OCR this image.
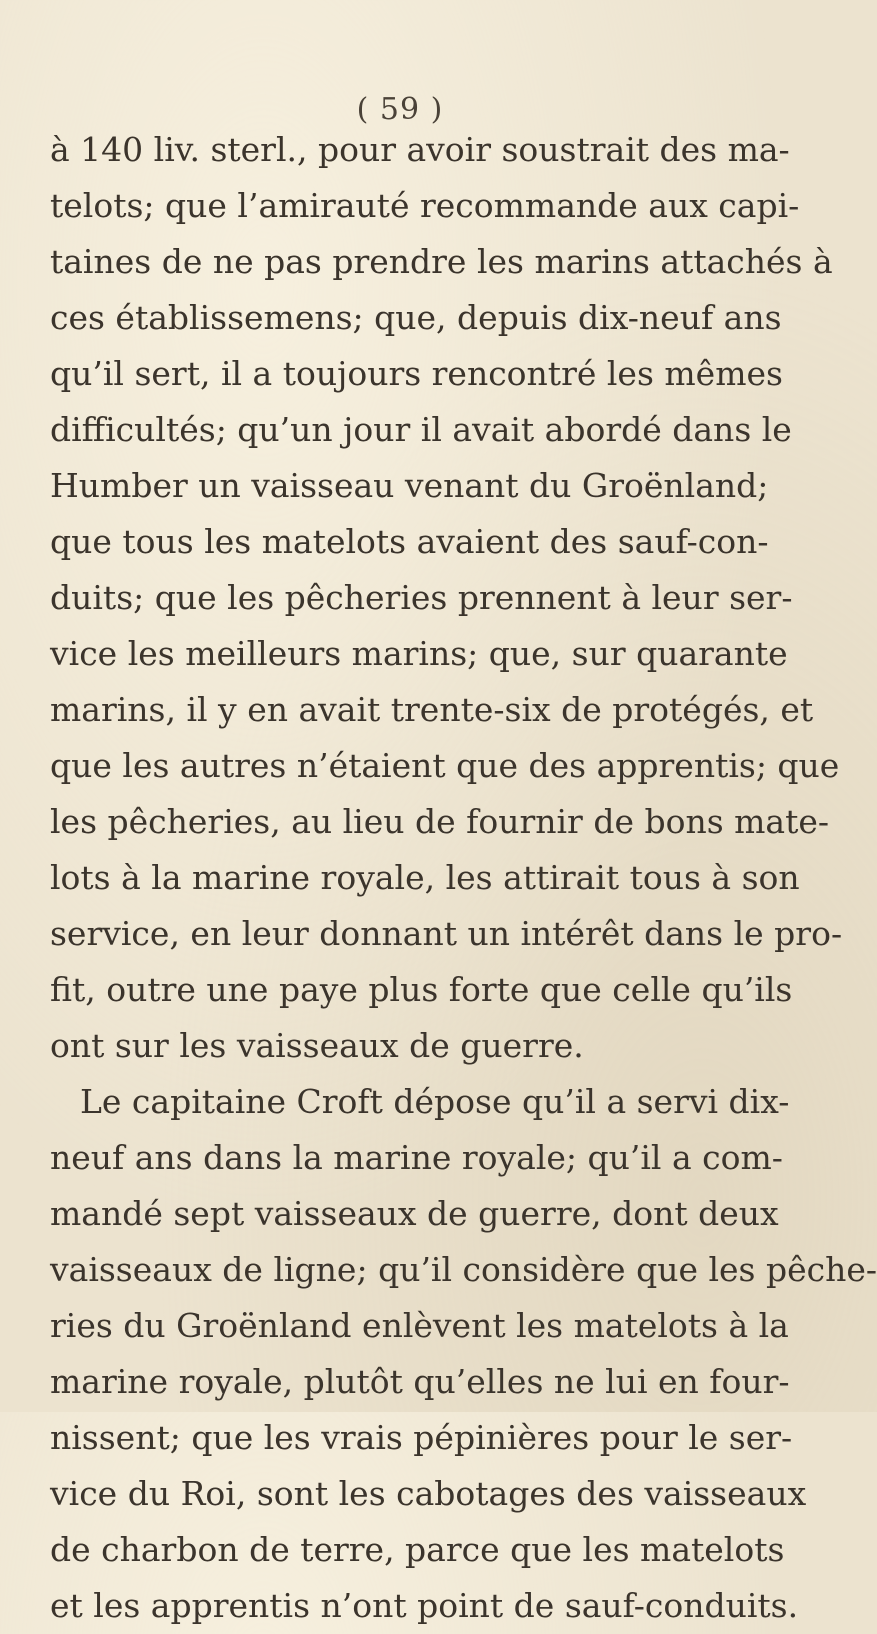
( 59 )
à 140 liv. sterl., pour avoir soustrait des ma-
telots; que l’amirauté recommande aux capi-
taines de ne pas prendre les marins attachés à
ces établissemens; que, depuis dix-neuf ans
qu’il sert, il a toujours rencontré les mêmes
difficultés; qu’un jour il avait abordé dans le
Humber un vaisseau venant du Groënland;
que tous les matelots avaient des sauf-con-
duits; que les pêcheries prennent à leur ser-
vice les meilleurs marins; que, sur quarante
marins, il y en avait trente-six de protégés, et
que les autres n’étaient que des apprentis; que
les pêcheries, au lieu de fournir de bons mate-
lots à la marine royale, les attirait tous à son
service, en leur donnant un intérêt dans le pro-
fit, outre une paye plus forte que celle qu’ils
ont sur les vaisseaux de guerre.
Le capitaine Croft dépose qu’il a servi dix-
neuf ans dans la marine royale; qu’il a com-
mandé sept vaisseaux de guerre, dont deux
vaisseaux de ligne; qu’il considère que les pêche-
ries du Groënland enlèvent les matelots à la
marine royale, plutôt qu’elles ne lui en four-
nissent; que les vrais pépinières pour le ser-
vice du Roi, sont les cabotages des vaisseaux
de charbon de terre, parce que les matelots
et les apprentis n’ont point de sauf-conduits.
